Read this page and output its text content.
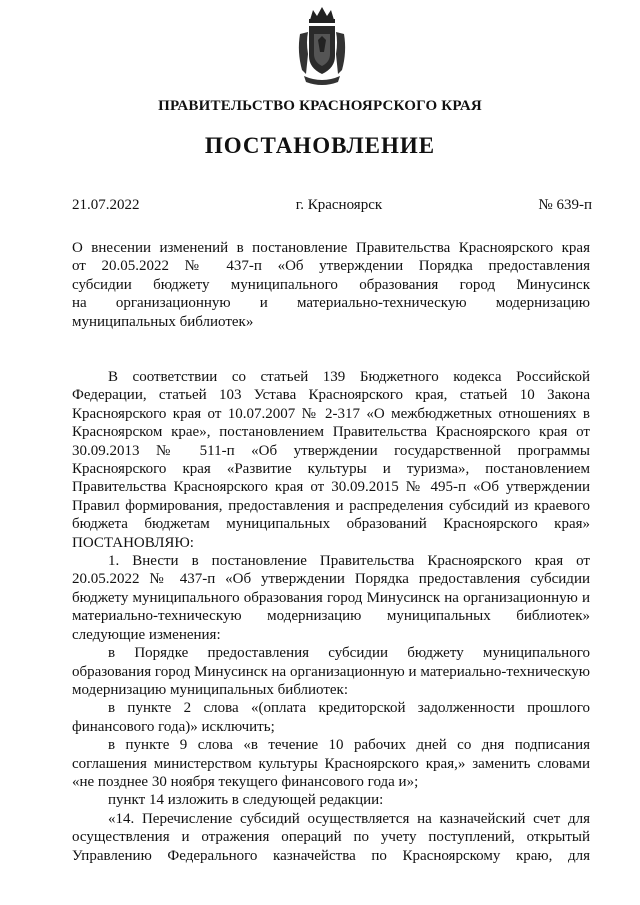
ПРАВИТЕЛЬСТВО КРАСНОЯРСКОГО КРАЯ
ПОСТАНОВЛЕНИЕ
21.07.2022	г. Красноярск	№ 639-п

О внесении изменений в постановление Правительства Красноярского края

от 20.05.2022 № 437-п «Об утверждении Порядка предоставления

субсидии бюджету муниципального образования город Минусинск

на организационную и материально-техническую модернизацию

муниципальных библиотек»

В соответствии со статьей 139 Бюджетного кодекса Российской Федерации, статьей 103 Устава Красноярского края, статьей 10 Закона Красноярского края от 10.07.2007 № 2-317 «О межбюджетных отношениях в Красноярском крае», постановлением Правительства Красноярского края от 30.09.2013 № 511-п «Об утверждении государственной программы Красноярского края «Развитие культуры и туризма», постановлением Правительства Красноярского края от 30.09.2015 № 495-п «Об утверждении Правил формирования, предоставления и распределения субсидий из краевого бюджета бюджетам муниципальных образований Красноярского края» ПОСТАНОВЛЯЮ:

1. Внести в постановление Правительства Красноярского края от 20.05.2022 № 437-п «Об утверждении Порядка предоставления субсидии бюджету муниципального образования город Минусинск на организационную и материально-техническую модернизацию муниципальных библиотек» следующие изменения:

в Порядке предоставления субсидии бюджету муниципального образования город Минусинск на организационную и материально-техническую модернизацию муниципальных библиотек:

в пункте 2 слова «(оплата кредиторской задолженности прошлого финансового года)» исключить;

в пункте 9 слова «в течение 10 рабочих дней со дня подписания соглашения министерством культуры Красноярского края,» заменить словами «не позднее 30 ноября текущего финансового года и»;

пункт 14 изложить в следующей редакции:

«14. Перечисление субсидий осуществляется на казначейский счет для осуществления и отражения операций по учету поступлений, открытый Управлению Федерального казначейства по Красноярскому краю, для
